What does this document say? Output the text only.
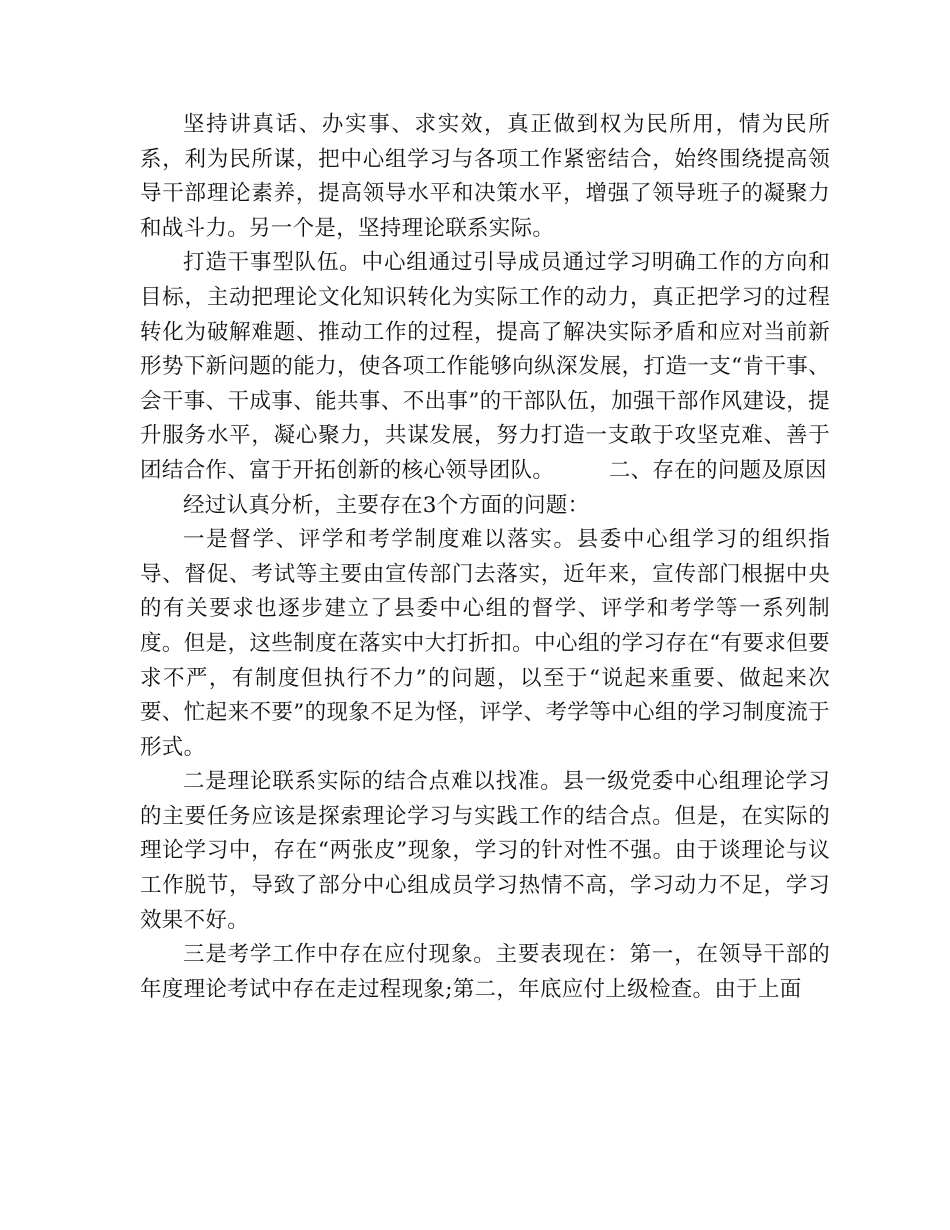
坚持讲真话、办实事、求实效，真正做到权为民所用，情为民所系，利为民所谋，把中心组学习与各项工作紧密结合，始终围绕提高领导干部理论素养，提高领导水平和决策水平，增强了领导班子的凝聚力和战斗力。另一个是，坚持理论联系实际。

打造干事型队伍。中心组通过引导成员通过学习明确工作的方向和目标，主动把理论文化知识转化为实际工作的动力，真正把学习的过程转化为破解难题、推动工作的过程，提高了解决实际矛盾和应对当前新形势下新问题的能力，使各项工作能够向纵深发展，打造一支“肯干事、会干事、干成事、能共事、不出事”的干部队伍，加强干部作风建设，提升服务水平，凝心聚力，共谋发展，努力打造一支敢于攻坚克难、善于团结合作、富于开拓创新的核心领导团队。　　　二、存在的问题及原因

经过认真分析，主要存在3个方面的问题：

一是督学、评学和考学制度难以落实。县委中心组学习的组织指导、督促、考试等主要由宣传部门去落实，近年来，宣传部门根据中央的有关要求也逐步建立了县委中心组的督学、评学和考学等一系列制度。但是，这些制度在落实中大打折扣。中心组的学习存在“有要求但要求不严，有制度但执行不力”的问题，以至于“说起来重要、做起来次要、忙起来不要”的现象不足为怪，评学、考学等中心组的学习制度流于形式。

二是理论联系实际的结合点难以找准。县一级党委中心组理论学习的主要任务应该是探索理论学习与实践工作的结合点。但是，在实际的理论学习中，存在“两张皮”现象，学习的针对性不强。由于谈理论与议工作脱节，导致了部分中心组成员学习热情不高，学习动力不足，学习效果不好。

三是考学工作中存在应付现象。主要表现在：第一，在领导干部的年度理论考试中存在走过程现象;第二，年底应付上级检查。由于上面
